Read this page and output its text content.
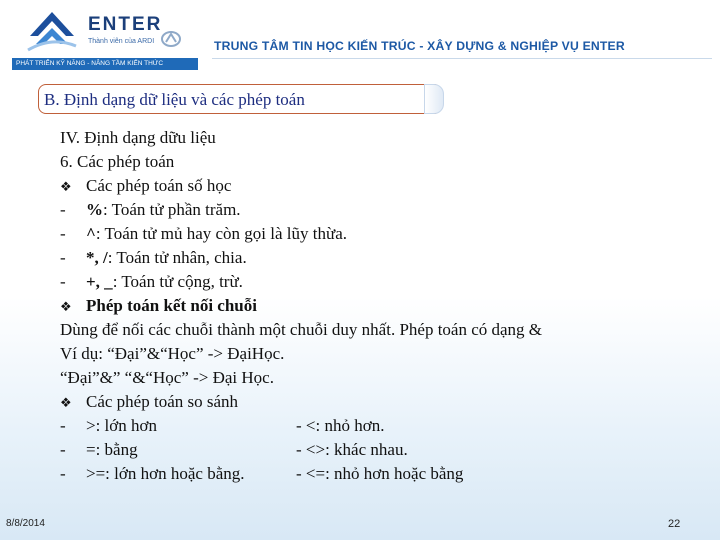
ENTER
Thành viên của ARDI
PHÁT TRIỂN KỸ NĂNG - NÂNG TẦM KIẾN THỨC
TRUNG TÂM TIN HỌC KIẾN TRÚC - XÂY DỰNG & NGHIỆP VỤ ENTER
B. Định dạng dữ liệu và các phép toán
IV. Định dạng dữu liệu
6. Các phép toán
❖ Các phép toán số học
- %: Toán tử phần trăm.
- ^: Toán tử mủ hay còn gọi là lũy thừa.
- *, /: Toán tử nhân, chia.
- +, _: Toán tử cộng, trừ.
❖ Phép toán kết nối chuỗi
Dùng để nối các chuỗi thành một chuỗi duy nhất. Phép toán có dạng &
Ví dụ: “Đại”&“Học” -> ĐạiHọc.
“Đại”&” “&“Học” -> Đại Học.
❖ Các phép toán so sánh
- >: lớn hơn	- <: nhỏ hơn.
- =: bằng	- <>: khác nhau.
- >=: lớn hơn hoặc bằng.	- <=: nhỏ hơn hoặc bằng
8/8/2014	22
